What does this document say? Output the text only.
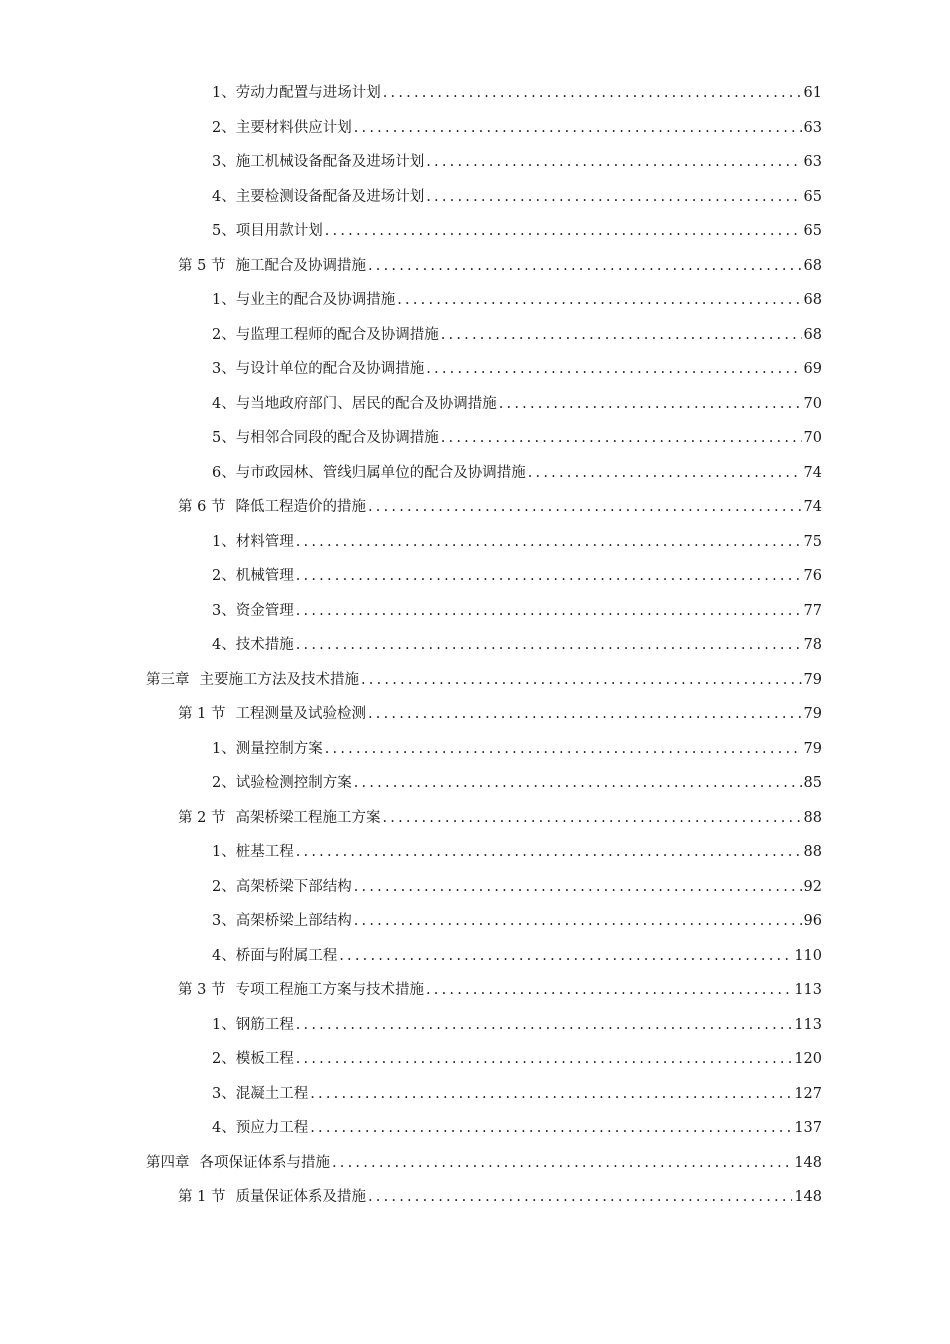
1、 劳动力配置与进场计划 .....	61
2、 主要材料供应计划 .....	63
3、 施工机械设备配备及进场计划 .....	63
4、 主要检测设备配备及进场计划 .....	65
5、 项目用款计划 .....	65
第 5 节 施工配合及协调措施 .....	68
1、 与业主的配合及协调措施 .....	68
2、 与监理工程师的配合及协调措施 .....	68
3、 与设计单位的配合及协调措施 .....	69
4、 与当地政府部门、居民的配合及协调措施 .....	70
5、 与相邻合同段的配合及协调措施 .....	70
6、 与市政园林、管线归属单位的配合及协调措施 .....	74
第 6 节 降低工程造价的措施 .....	74
1、 材料管理 .....	75
2、 机械管理 .....	76
3、 资金管理 .....	77
4、 技术措施 .....	78
第三章 主要施工方法及技术措施 .....	79
第 1 节 工程测量及试验检测 .....	79
1、 测量控制方案 .....	79
2、 试验检测控制方案 .....	85
第 2 节 高架桥梁工程施工方案 .....	88
1、 桩基工程 .....	88
2、 高架桥梁下部结构 .....	92
3、 高架桥梁上部结构 .....	96
4、 桥面与附属工程 .....	110
第 3 节 专项工程施工方案与技术措施 .....	113
1、 钢筋工程 .....	113
2、 模板工程 .....	120
3、 混凝土工程 .....	127
4、 预应力工程 .....	137
第四章 各项保证体系与措施 .....	148
第 1 节 质量保证体系及措施 .....	148
